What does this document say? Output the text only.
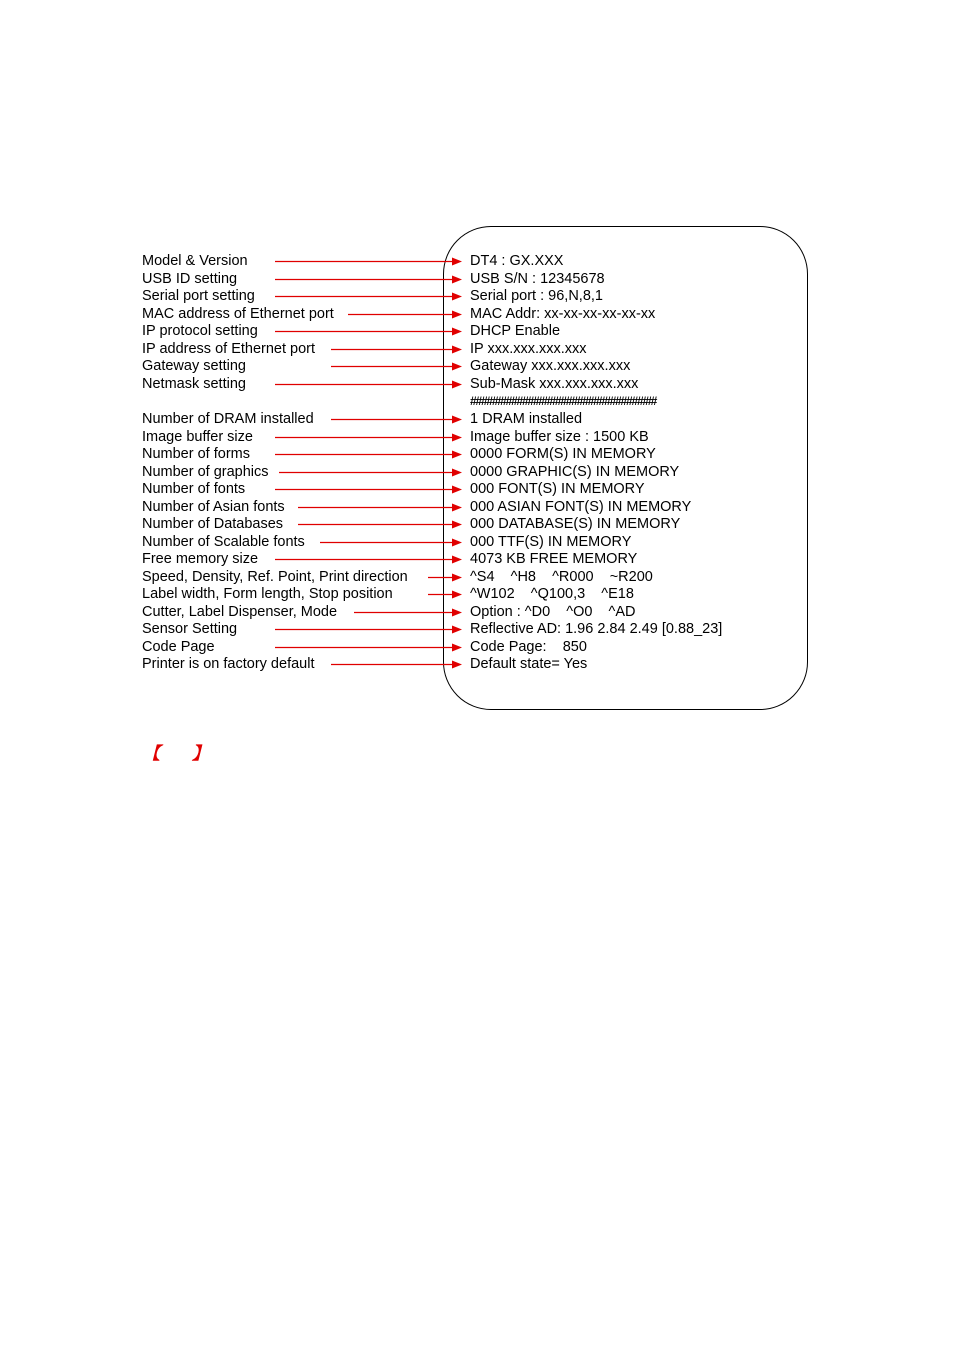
Model & Version
USB ID setting
Serial port setting
MAC address of Ethernet port
IP protocol setting
IP address of Ethernet port
Gateway setting
Netmask setting
Number of DRAM installed
Image buffer size
Number of forms
Number of graphics
Number of fonts
Number of Asian fonts
Number of Databases
Number of Scalable fonts
Free memory size
Speed, Density, Ref. Point, Print direction
Label width, Form length, Stop position
Cutter, Label Dispenser, Mode
Sensor Setting
Code Page
Printer is on factory default
DT4 : GX.XXX
USB S/N : 12345678
Serial port : 96,N,8,1
MAC Addr: xx-xx-xx-xx-xx-xx
DHCP Enable
IP xxx.xxx.xxx.xxx
Gateway xxx.xxx.xxx.xxx
Sub-Mask xxx.xxx.xxx.xxx
1 DRAM installed
Image buffer size : 1500 KB
0000 FORM(S) IN MEMORY
0000 GRAPHIC(S) IN MEMORY
000 FONT(S) IN MEMORY
000 ASIAN FONT(S) IN MEMORY
000 DATABASE(S) IN MEMORY
000 TTF(S) IN MEMORY
4073 KB FREE MEMORY
^S4    ^H8    ^R000    ~R200
^W102    ^Q100,3    ^E18
Option : ^D0    ^O0    ^AD
Reflective AD: 1.96 2.84 2.49 [0.88_23]
Code Page:    850
Default state= Yes
##################################
【 】
